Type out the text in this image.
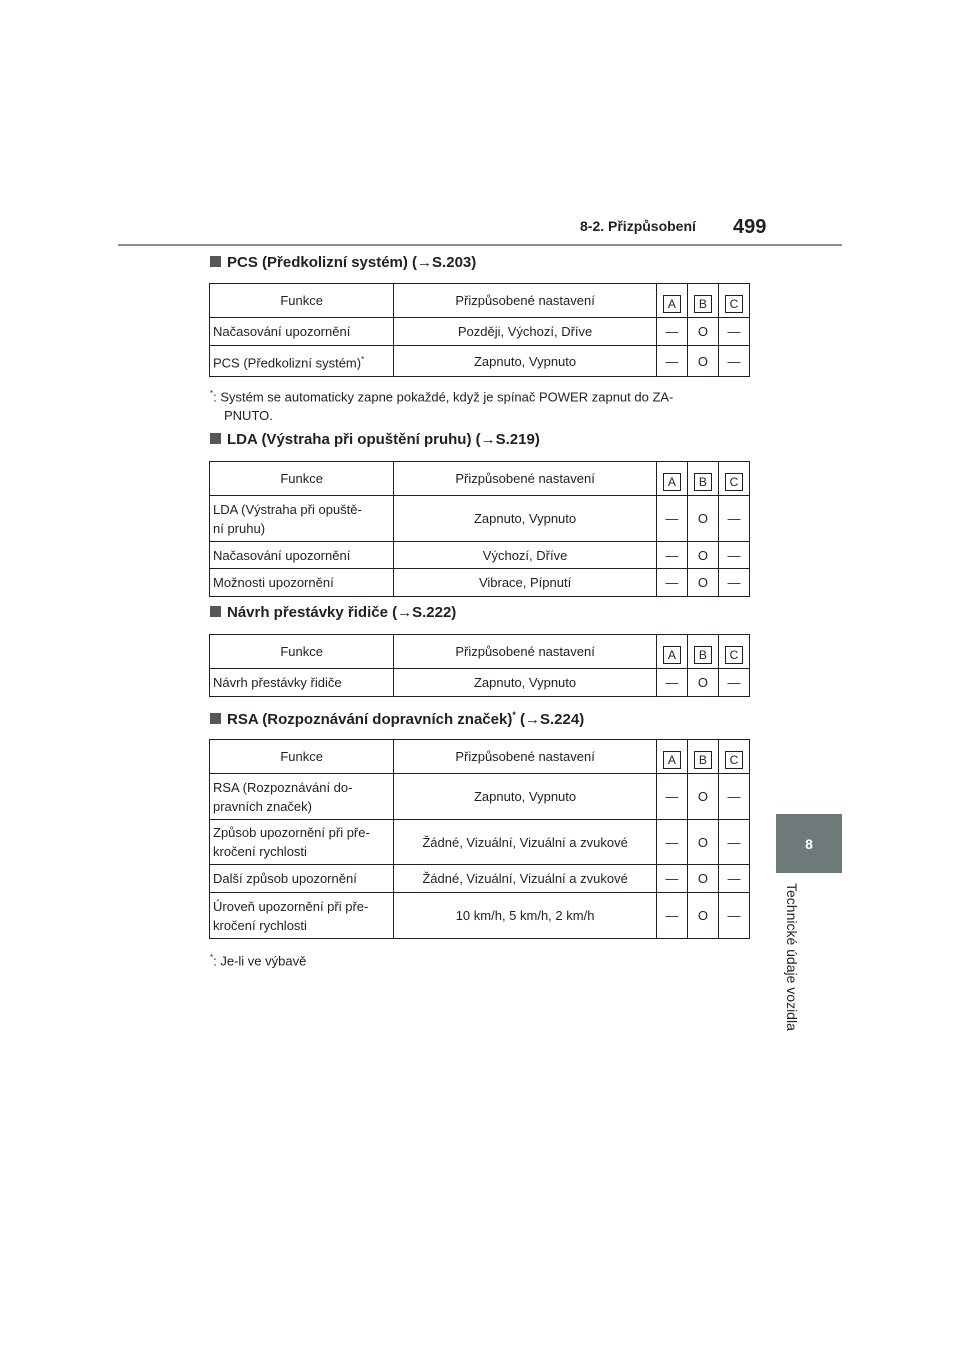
8-2. Přizpůsobení 499
8
Technické údaje vozidla
PCS (Předkolizní systém) (→S.203)
Funkce	Přizpůsobené nastavení	A	B	C
Načasování upozornění	Později, Výchozí, Dříve	—	O	—
PCS (Předkolizní systém)*	Zapnuto, Vypnuto	—	O	—
*: Systém se automaticky zapne pokaždé, když je spínač POWER zapnut do ZA-
PNUTO.
LDA (Výstraha při opuštění pruhu) (→S.219)
Funkce	Přizpůsobené nastavení	A	B	C
LDA (Výstraha při opuště-
ní pruhu)	Zapnuto, Vypnuto	—	O	—
Načasování upozornění	Výchozí, Dříve	—	O	—
Možnosti upozornění	Vibrace, Pípnutí	—	O	—
Návrh přestávky řidiče (→S.222)
Funkce	Přizpůsobené nastavení	A	B	C
Návrh přestávky řidiče	Zapnuto, Vypnuto	—	O	—
RSA (Rozpoznávání dopravních značek)* (→S.224)
Funkce	Přizpůsobené nastavení	A	B	C
RSA (Rozpoznávání do-
pravních značek)	Zapnuto, Vypnuto	—	O	—
Způsob upozornění při pře-
kročení rychlosti	Žádné, Vizuální, Vizuální a zvukové	—	O	—
Další způsob upozornění	Žádné, Vizuální, Vizuální a zvukové	—	O	—
Úroveň upozornění při pře-
kročení rychlosti	10 km/h, 5 km/h, 2 km/h	—	O	—
*: Je-li ve výbavě
